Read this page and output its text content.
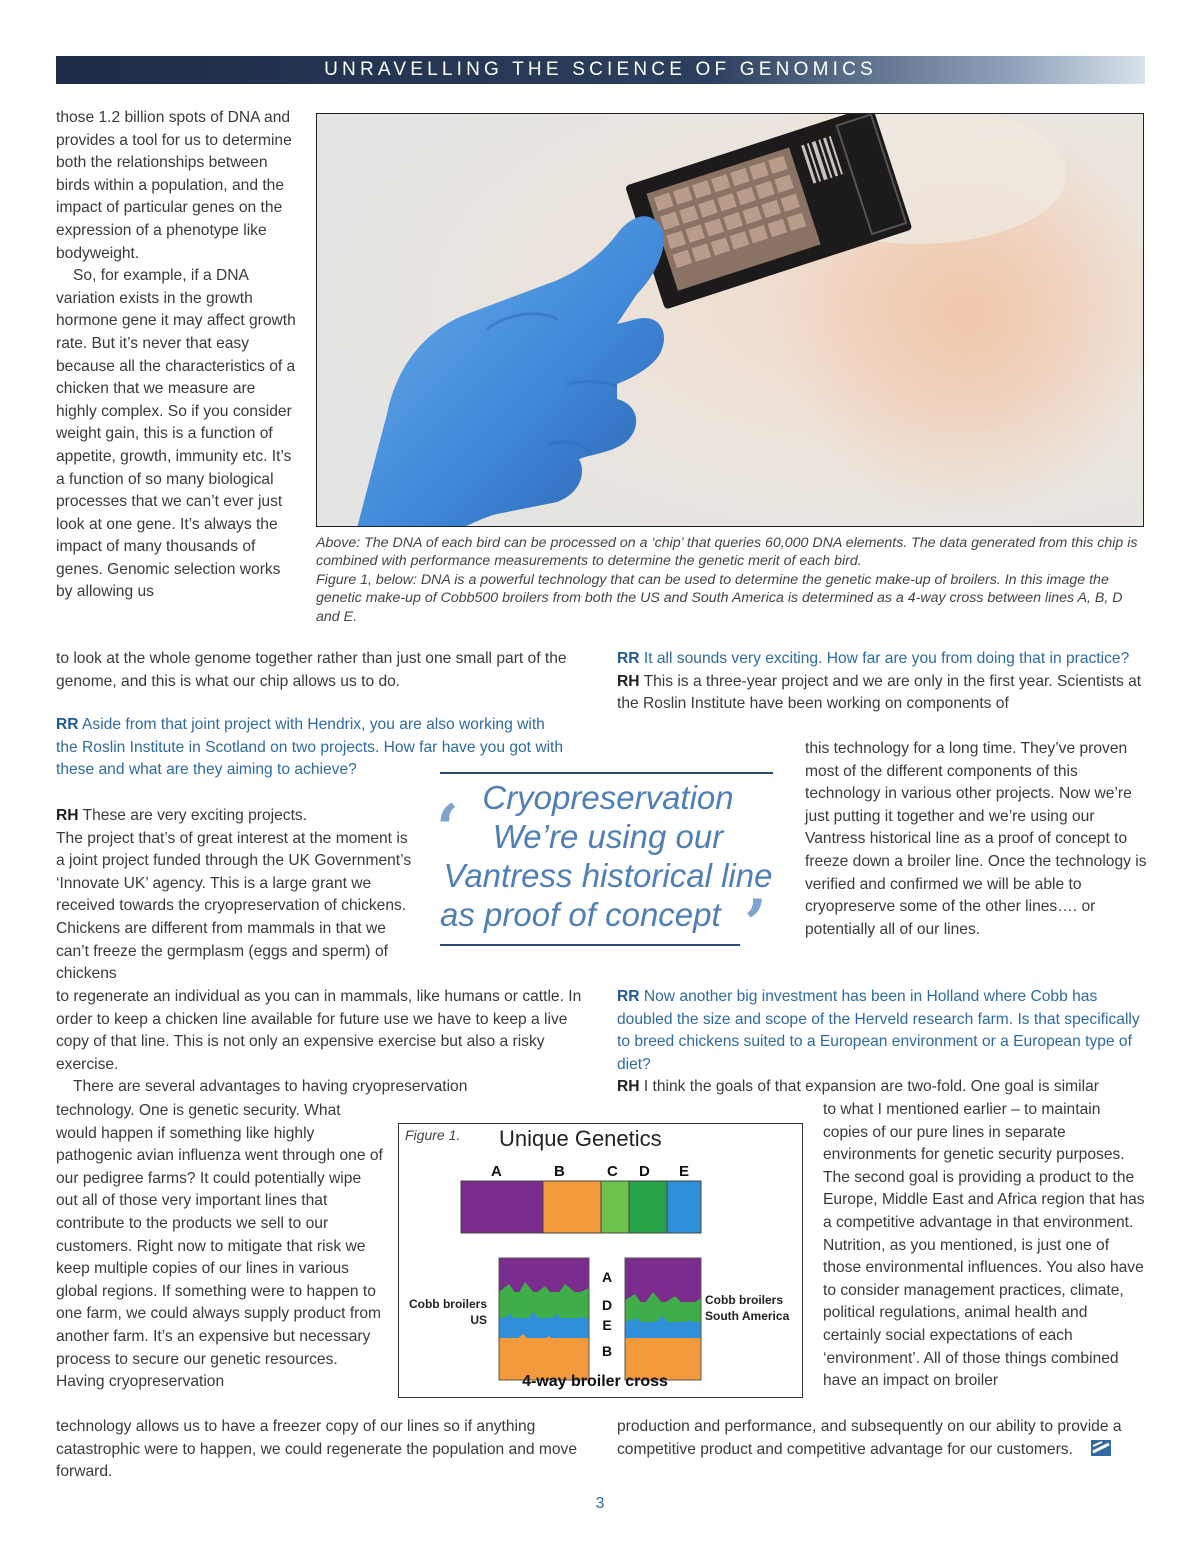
UNRAVELLING THE SCIENCE OF GENOMICS

those 1.2 billion spots of DNA and provides a tool for us to determine both the relationships between birds within a population, and the impact of particular genes on the expression of a phenotype like bodyweight.

So, for example, if a DNA variation exists in the growth hormone gene it may affect growth rate. But it’s never that easy because all the characteristics of a chicken that we measure are highly complex. So if you consider weight gain, this is a function of appetite, growth, immunity etc. It’s a function of so many biological processes that we can’t ever just look at one gene. It’s always the impact of many thousands of genes. Genomic selection works by allowing us

Above: The DNA of each bird can be processed on a ‘chip’ that queries 60,000 DNA elements. The data generated from this chip is combined with performance measurements to determine the genetic merit of each bird.

Figure 1, below: DNA is a powerful technology that can be used to determine the genetic make-up of broilers. In this image the genetic make-up of Cobb500 broilers from both the US and South America is determined as a 4-way cross between lines A, B, D and E.

to look at the whole genome together rather than just one small part of the genome, and this is what our chip allows us to do.

RR Aside from that joint project with Hendrix, you are also working with the Roslin Institute in Scotland on two projects. How far have you got with these and what are they aiming to achieve?

RH These are very exciting projects.

The project that’s of great interest at the moment is a joint project funded through the UK Government’s ‘Innovate UK’ agency. This is a large grant we received towards the cryopreservation of chickens. Chickens are different from mammals in that we can’t freeze the germplasm (eggs and sperm) of chickens

to regenerate an individual as you can in mammals, like humans or cattle. In order to keep a chicken line available for future use we have to keep a live copy of that line. This is not only an expensive exercise but also a risky exercise.

There are several advantages to having cryopreservation

technology. One is genetic security. What would happen if something like highly pathogenic avian influenza went through one of our pedigree farms? It could potentially wipe out all of those very important lines that contribute to the products we sell to our customers. Right now to mitigate that risk we keep multiple copies of our lines in various global regions. If something were to happen to one farm, we could always supply product from another farm. It’s an expensive but necessary process to secure our genetic resources. Having cryopreservation

technology allows us to have a freezer copy of our lines so if anything catastrophic were to happen, we could regenerate the population and move forward.

‘ Cryopreservation
We’re using our
Vantress historical line
as proof of concept ’

RR It all sounds very exciting. How far are you from doing that in practice?

RH This is a three-year project and we are only in the first year. Scientists at the Roslin Institute have been working on components of

this technology for a long time. They’ve proven most of the different components of this technology in various other projects. Now we’re just putting it together and we’re using our Vantress historical line as a proof of concept to freeze down a broiler line. Once the technology is verified and confirmed we will be able to cryopreserve some of the other lines…. or potentially all of our lines.

RR Now another big investment has been in Holland where Cobb has doubled the size and scope of the Herveld research farm. Is that specifically to breed chickens suited to a European environment or a European type of diet?

RH I think the goals of that expansion are two-fold. One goal is similar

to what I mentioned earlier – to maintain copies of our pure lines in separate environments for genetic security purposes. The second goal is providing a product to the Europe, Middle East and Africa region that has a competitive advantage in that environment. Nutrition, as you mentioned, is just one of those environmental influences. You also have to consider management practices, climate, political regulations, animal health and certainly social expectations of each ‘environment’. All of those things combined have an impact on broiler

production and performance, and subsequently on our ability to provide a competitive product and competitive advantage for our customers.

Figure 1. Unique Genetics
A	B	C D E
A
D
E
B
Cobb broilers
US
Cobb broilers
South America
4-way broiler cross
3
